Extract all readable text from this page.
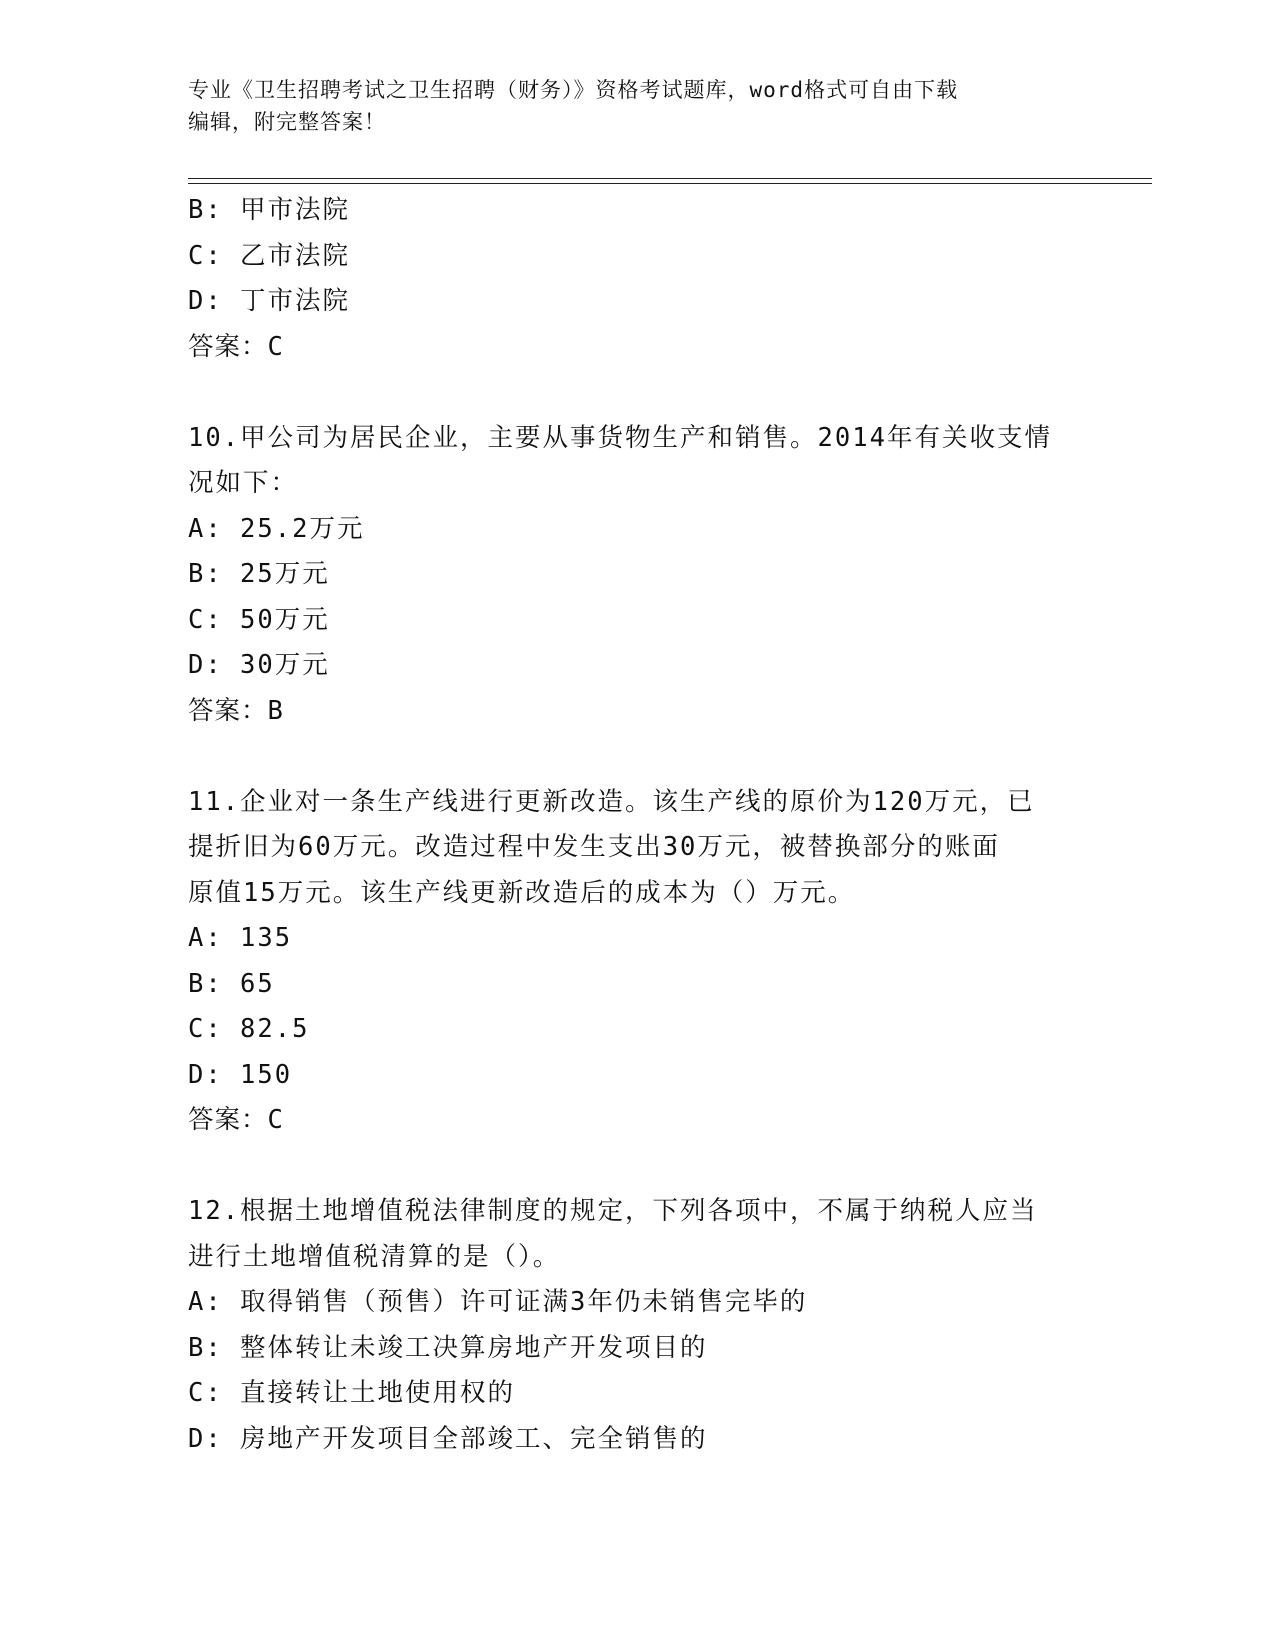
专业《卫生招聘考试之卫生招聘（财务）》资格考试题库，word格式可自由下载
编辑，附完整答案！
B: 甲市法院
C: 乙市法院
D: 丁市法院
答案：C
10.甲公司为居民企业，主要从事货物生产和销售。2014年有关收支情
况如下：
A: 25.2万元
B: 25万元
C: 50万元
D: 30万元
答案：B
11.企业对一条生产线进行更新改造。该生产线的原价为120万元，已
提折旧为60万元。改造过程中发生支出30万元，被替换部分的账面
原值15万元。该生产线更新改造后的成本为（）万元。
A: 135
B: 65
C: 82.5
D: 150
答案：C
12.根据土地增值税法律制度的规定，下列各项中，不属于纳税人应当
进行土地增值税清算的是（）。
A: 取得销售（预售）许可证满3年仍未销售完毕的
B: 整体转让未竣工决算房地产开发项目的
C: 直接转让土地使用权的
D: 房地产开发项目全部竣工、完全销售的
